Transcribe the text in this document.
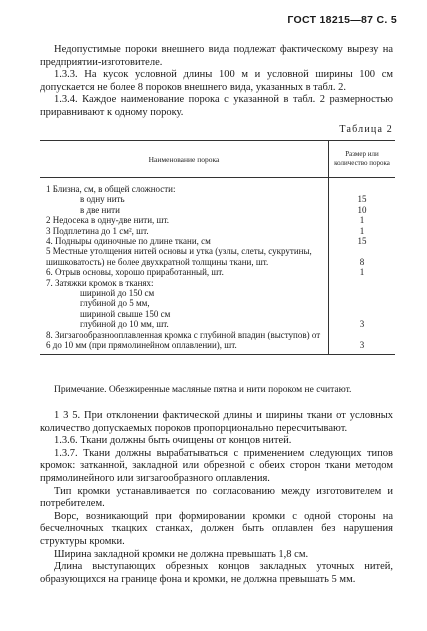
ГОСТ 18215—87 С. 5

Недопустимые пороки внешнего вида подлежат фактическому вырезу на предприятии-изготовителе.

1.3.3. На кусок условной длины 100 м и условной ширины 100 см допускается не более 8 пороков внешнего вида, указанных в табл. 2.

1.3.4. Каждое наименование порока с указанной в табл. 2 размерностью приравнивают к одному пороку.

Таблица 2
Наименование порока	Размер или количество порока
1 Близна, см, в общей сложности:	
в одну нить	15
в две нити	10
2 Недосека в одну-две нити, шт.	1
3 Подплетина до 1 см², шт.	1
4. Подныры одиночные по длине ткани, см	15
5 Местные утолщения нитей основы и утка (узлы, слеты, сукрутины, шишковатость) не более двухкратной толщины ткани, шт.	8
6. Отрыв основы, хорошо приработанный, шт.	1
7. Затяжки кромок в тканях:	
шириной до 150 см	
глубиной до 5 мм,	
шириной свыше 150 см	
глубиной до 10 мм, шт.	3
8. Зигзагообразнооплавленная кромка с глубиной впадин (выступов) от 6 до 10 мм (при прямолинейном оплавлении), шт.	3
Примечание. Обезжиренные масляные пятна и нити пороком не считают.

1 3 5. При отклонении фактической длины и ширины ткани от условных количество допускаемых пороков пропорционально пересчитывают.

1.3.6. Ткани должны быть очищены от концов нитей.

1.3.7. Ткани должны вырабатываться с применением следующих типов кромок: затканной, закладной или обрезной с обеих сторон ткани методом прямолинейного или зигзагообразного оплавления.

Тип кромки устанавливается по согласованию между изготовителем и потребителем.

Ворс, возникающий при формировании кромки с одной стороны на бесчелночных ткацких станках, должен быть оплавлен без нарушения структуры кромки.

Ширина закладной кромки не должна превышать 1,8 см.

Длина выступающих обрезных концов закладных уточных нитей, образующихся на границе фона и кромки, не должна превышать 5 мм.
